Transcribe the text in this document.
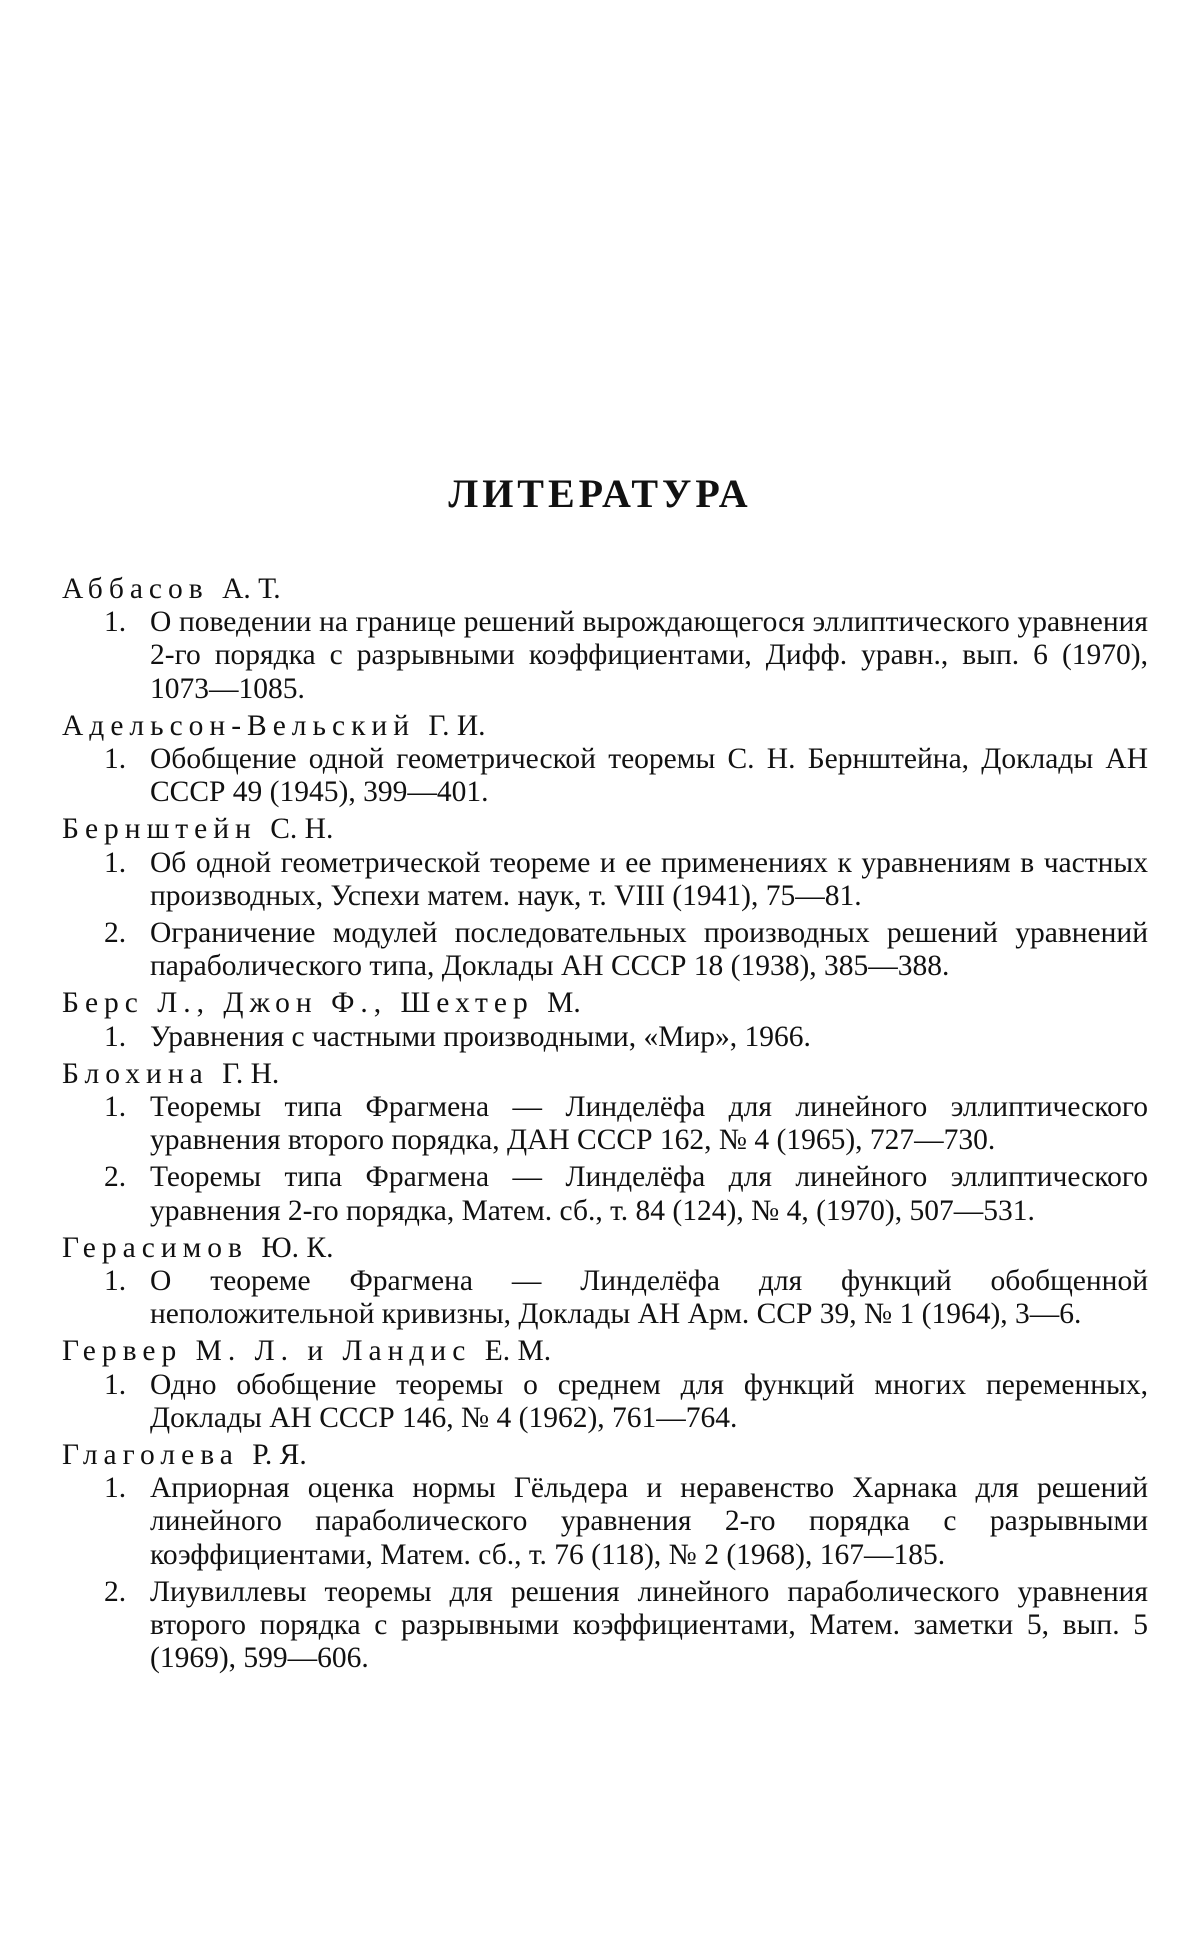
ЛИТЕРАТУРА

Аббасов А. Т.

1. О поведении на границе решений вырождающегося эллиптического уравнения 2-го порядка с разрывными коэффициентами, Дифф. уравн., вып. 6 (1970), 1073—1085.

Адельсон-Вельский Г. И.

1. Обобщение одной геометрической теоремы С. Н. Бернштейна, Доклады АН СССР 49 (1945), 399—401.

Бернштейн С. Н.

1. Об одной геометрической теореме и ее применениях к уравнениям в частных производных, Успехи матем. наук, т. VIII (1941), 75—81.
2. Ограничение модулей последовательных производных решений уравнений параболического типа, Доклады АН СССР 18 (1938), 385—388.

Берс Л., Джон Ф., Шехтер М.

1. Уравнения с частными производными, «Мир», 1966.

Блохина Г. Н.

1. Теоремы типа Фрагмена — Линделёфа для линейного эллиптического уравнения второго порядка, ДАН СССР 162, № 4 (1965), 727—730.
2. Теоремы типа Фрагмена — Линделёфа для линейного эллиптического уравнения 2-го порядка, Матем. сб., т. 84 (124), № 4, (1970), 507—531.

Герасимов Ю. К.

1. О теореме Фрагмена — Линделёфа для функций обобщенной неположительной кривизны, Доклады АН Арм. ССР 39, № 1 (1964), 3—6.

Гервер М. Л. и Ландис Е. М.

1. Одно обобщение теоремы о среднем для функций многих переменных, Доклады АН СССР 146, № 4 (1962), 761—764.

Глаголева Р. Я.

1. Априорная оценка нормы Гёльдера и неравенство Харнака для решений линейного параболического уравнения 2-го порядка с разрывными коэффициентами, Матем. сб., т. 76 (118), № 2 (1968), 167—185.
2. Лиувиллевы теоремы для решения линейного параболического уравнения второго порядка с разрывными коэффициентами, Матем. заметки 5, вып. 5 (1969), 599—606.
